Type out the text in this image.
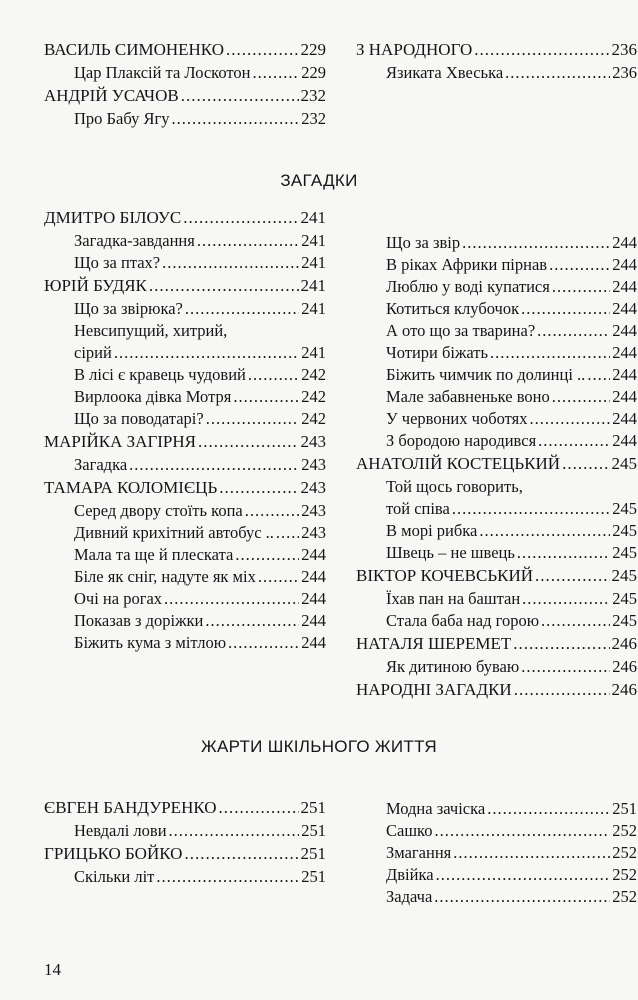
ВАСИЛЬ СИМОНЕНКО .....	229
Цар Плаксій та Лоскотон .....	229
АНДРІЙ УСАЧОВ .....	232
Про Бабу Ягу .....	232
З НАРОДНОГО .....	236
Язиката Хвеська .....	236
ЗАГАДКИ
ДМИТРО БІЛОУС .....	241
Загадка-завдання .....	241
Що за птах? .....	241
ЮРІЙ БУДЯК .....	241
Що за звірюка? .....	241
Невсипущий, хитрий,
сірий .....	241
В лісі є кравець чудовий .....	242
Вирлоока дівка Мотря .....	242
Що за поводатарі? .....	242
МАРІЙКА ЗАГІРНЯ .....	243
Загадка .....	243
ТАМАРА КОЛОМІЄЦЬ .....	243
Серед двору стоїть копа .....	243
Дивний крихітний автобус .. ..... 243
Мала та ще й плеската .....	244
Біле як сніг, надуте як міх .....	244
Очі на рогах .....	244
Показав з доріжки .....	244
Біжить кума з мітлою .....	244
Що за звір .....	244
В ріках Африки пірнав .....	244
Люблю у воді купатися .....	244
Котиться клубочок .....	244
А ото що за тварина? .....	244
Чотири біжать .....	244
Біжить чимчик по долинці .. ..... 244
Мале забавненьке воно .....	244
У червоних чоботях .....	244
З бородою народився .....	244
АНАТОЛІЙ КОСТЕЦЬКИЙ .....	245
Той щось говорить,
той співа .....	245
В морі рибка .....	245
Швець – не швець .....	245
ВІКТОР КОЧЕВСЬКИЙ .....	245
Їхав пан на баштан .....	245
Стала баба над горою .....	245
НАТАЛЯ ШЕРЕМЕТ .....	246
Як дитиною буваю .....	246
НАРОДНІ ЗАГАДКИ .....	246
ЖАРТИ ШКІЛЬНОГО ЖИТТЯ
ЄВГЕН БАНДУРЕНКО .....	251
Невдалі лови .....	251
ГРИЦЬКО БОЙКО .....	251
Скільки літ .....	251
Модна зачіска .....	251
Сашко .....	252
Змагання .....	252
Двійка .....	252
Задача .....	252
14
